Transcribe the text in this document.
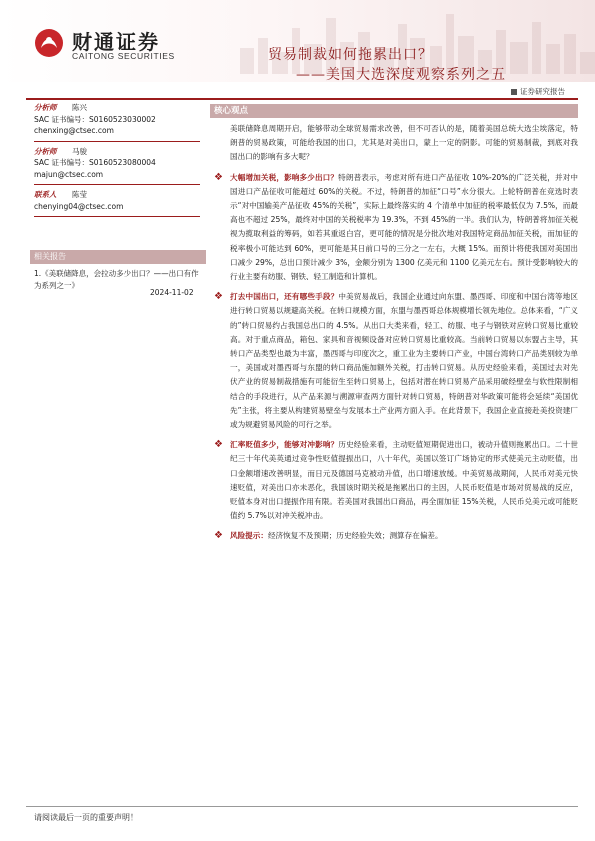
财通证券
CAITONG SECURITIES	贸易制裁如何拖累出口？
——美国大选深度观察系列之五
证券研究报告
分析师 陈兴
SAC 证书编号：S0160523030002
chenxing@ctsec.com
分析师 马骏
SAC 证书编号：S0160523080004
majun@ctsec.com
联系人 陈莹
chenying04@ctsec.com
相关报告
1.《美联储降息，会拉动多少出口？——出口有作为系列之一》
2024-11-02
核心观点

美联储降息周期开启，能够带动全球贸易需求改善，但不可否认的是，随着美国总统大选尘埃落定，特朗普的贸易政策，可能给我国的出口，尤其是对美出口，蒙上一定的阴影。可能的贸易制裁，到底对我国出口的影响有多大呢？

❖ 大幅增加关税，影响多少出口？特朗普表示，考虑对所有进口产品征收 10%-20%的广泛关税，并对中国进口产品征收可能超过 60%的关税。不过，特朗普的加征“口号”水分很大。上轮特朗普在竞选时表示“对中国输美产品征收 45%的关税”，实际上最终落实的 4 个清单中加征的税率最低仅为 7.5%，而最高也不超过 25%，最终对中国的关税税率为 19.3%，不到 45%的一半。我们认为，特朗普将加征关税视为揽取利益的筹码，如若其重返白宫，更可能的情况是分批次地对我国特定商品加征关税，而加征的税率极小可能达到 60%，更可能是其日前口号的三分之一左右，大概 15%。而预计将使我国对美国出口减少 29%，总出口预计减少 3%，金额分别为 1300 亿美元和 1100 亿美元左右。预计受影响较大的行业主要有纺服、钢铁、轻工制造和计算机。

❖ 打去中国出口，还有哪些手段？中美贸易战后，我国企业通过向东盟、墨西哥、印度和中国台湾等地区进行转口贸易以规避高关税。在转口规模方面，东盟与墨西哥总体规模增长领先地位。总体来看，“广义的”转口贸易约占我国总出口的 4.5%。从出口大类来看，轻工、纺服、电子与钢铁对应转口贸易比重较高。对于重点商品，箱包、家具和音视频设备对应转口贸易比重较高。当前转口贸易以东盟占主导，其转口产品类型也最为丰富，墨西哥与印度次之，重工业为主要转口产业，中国台湾转口产品类别较为单一，美国或对墨西哥与东盟的转口商品施加额外关税，打击转口贸易。从历史经验来看，美国过去对先伏产业的贸易制裁措施有可能衍生至转口贸易上，包括对潜在转口贸易产品采用破经壁垒与软性限制相结合的手段进行，从产品来源与溯源审查两方面针对转口贸易，特朗普对华政策可能将会延续“美国优先”主张，将主要从构建贸易壁垒与发展本土产业两方面入手。在此背景下，我国企业直接赴美投资建厂或为规避贸易风险的可行之举。

❖ 汇率贬值多少，能够对冲影响？历史经验来看，主动贬值短期促进出口，被动升值则拖累出口。二十世纪三十年代美英通过竞争性贬值提振出口，八十年代，美国以签订广场协定的形式使美元主动贬值，出口金额增速改善明显，而日元及德国马克被动升值，出口增速放缓。中美贸易战期间，人民币对美元快速贬值，对美出口亦未恶化，我国该时期关税是拖累出口的主因，人民币贬值是市场对贸易战的反应，贬值本身对出口提振作用有限。若美国对我国出口商品，再全面加征 15%关税，人民币兑美元或可能贬值约 5.7%以对冲关税冲击。

❖ 风险提示：经济恢复不及预期；历史经验失效；测算存在偏差。

请阅读最后一页的重要声明！
